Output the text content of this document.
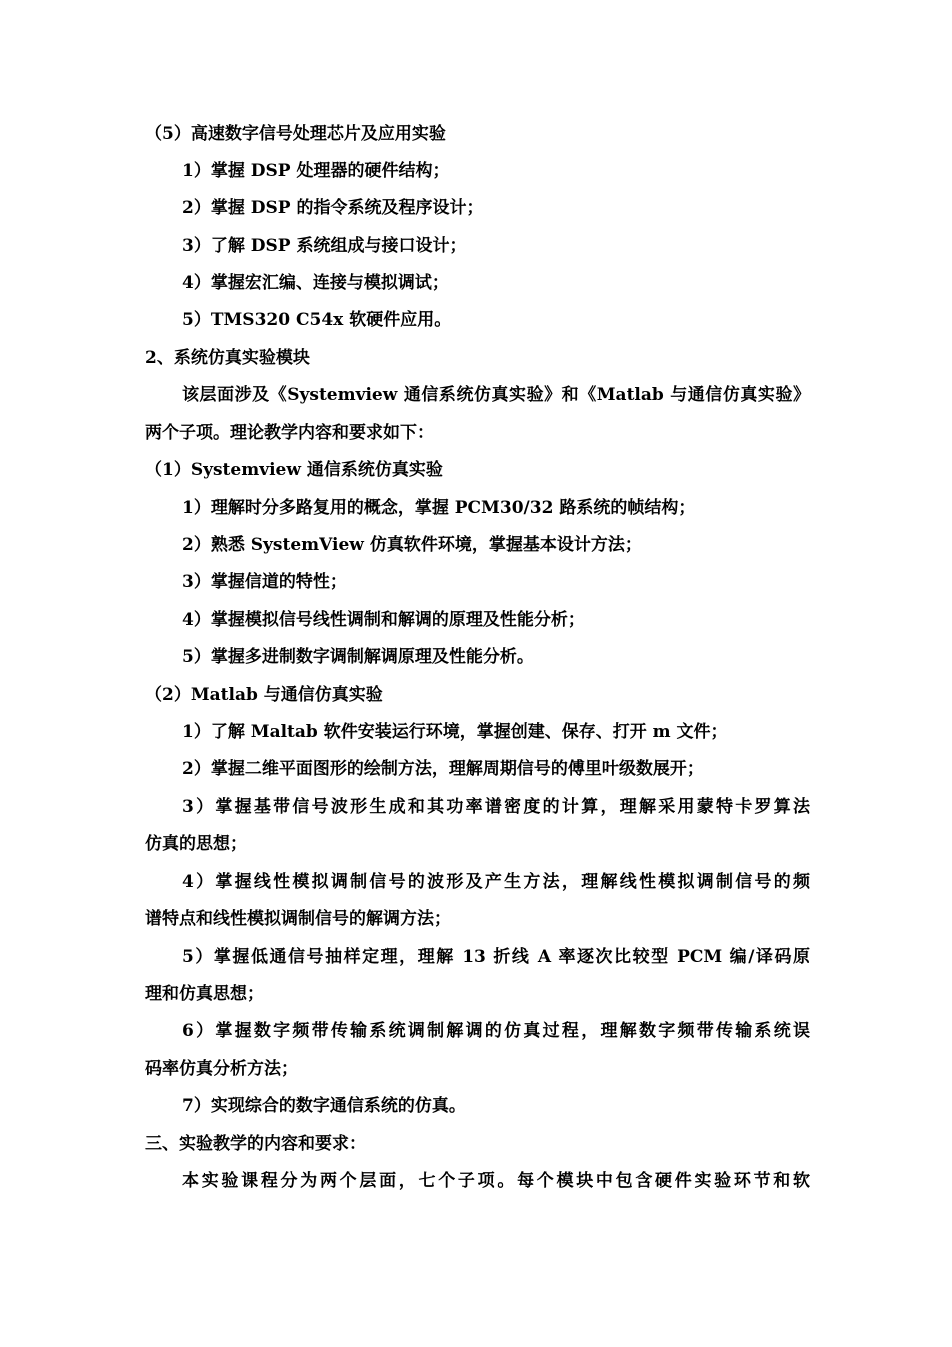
（5）高速数字信号处理芯片及应用实验
1）掌握 DSP 处理器的硬件结构；
2）掌握 DSP 的指令系统及程序设计；
3）了解 DSP 系统组成与接口设计；
4）掌握宏汇编、连接与模拟调试；
5）TMS320 C54x 软硬件应用。
2、系统仿真实验模块
该层面涉及《Systemview 通信系统仿真实验》和《Matlab 与通信仿真实验》
两个子项。理论教学内容和要求如下：
（1）Systemview 通信系统仿真实验
1）理解时分多路复用的概念，掌握 PCM30/32 路系统的帧结构；
2）熟悉 SystemView 仿真软件环境，掌握基本设计方法；
3）掌握信道的特性；
4）掌握模拟信号线性调制和解调的原理及性能分析；
5）掌握多进制数字调制解调原理及性能分析。
（2）Matlab 与通信仿真实验
1）了解 Maltab 软件安装运行环境，掌握创建、保存、打开 m 文件；
2）掌握二维平面图形的绘制方法，理解周期信号的傅里叶级数展开；
3）掌握基带信号波形生成和其功率谱密度的计算，理解采用蒙特卡罗算法
仿真的思想；
4）掌握线性模拟调制信号的波形及产生方法，理解线性模拟调制信号的频
谱特点和线性模拟调制信号的解调方法；
5）掌握低通信号抽样定理，理解 13 折线 A 率逐次比较型 PCM 编/译码原
理和仿真思想；
6）掌握数字频带传输系统调制解调的仿真过程，理解数字频带传输系统误
码率仿真分析方法；
7）实现综合的数字通信系统的仿真。
三、实验教学的内容和要求：
本实验课程分为两个层面，七个子项。每个模块中包含硬件实验环节和软
